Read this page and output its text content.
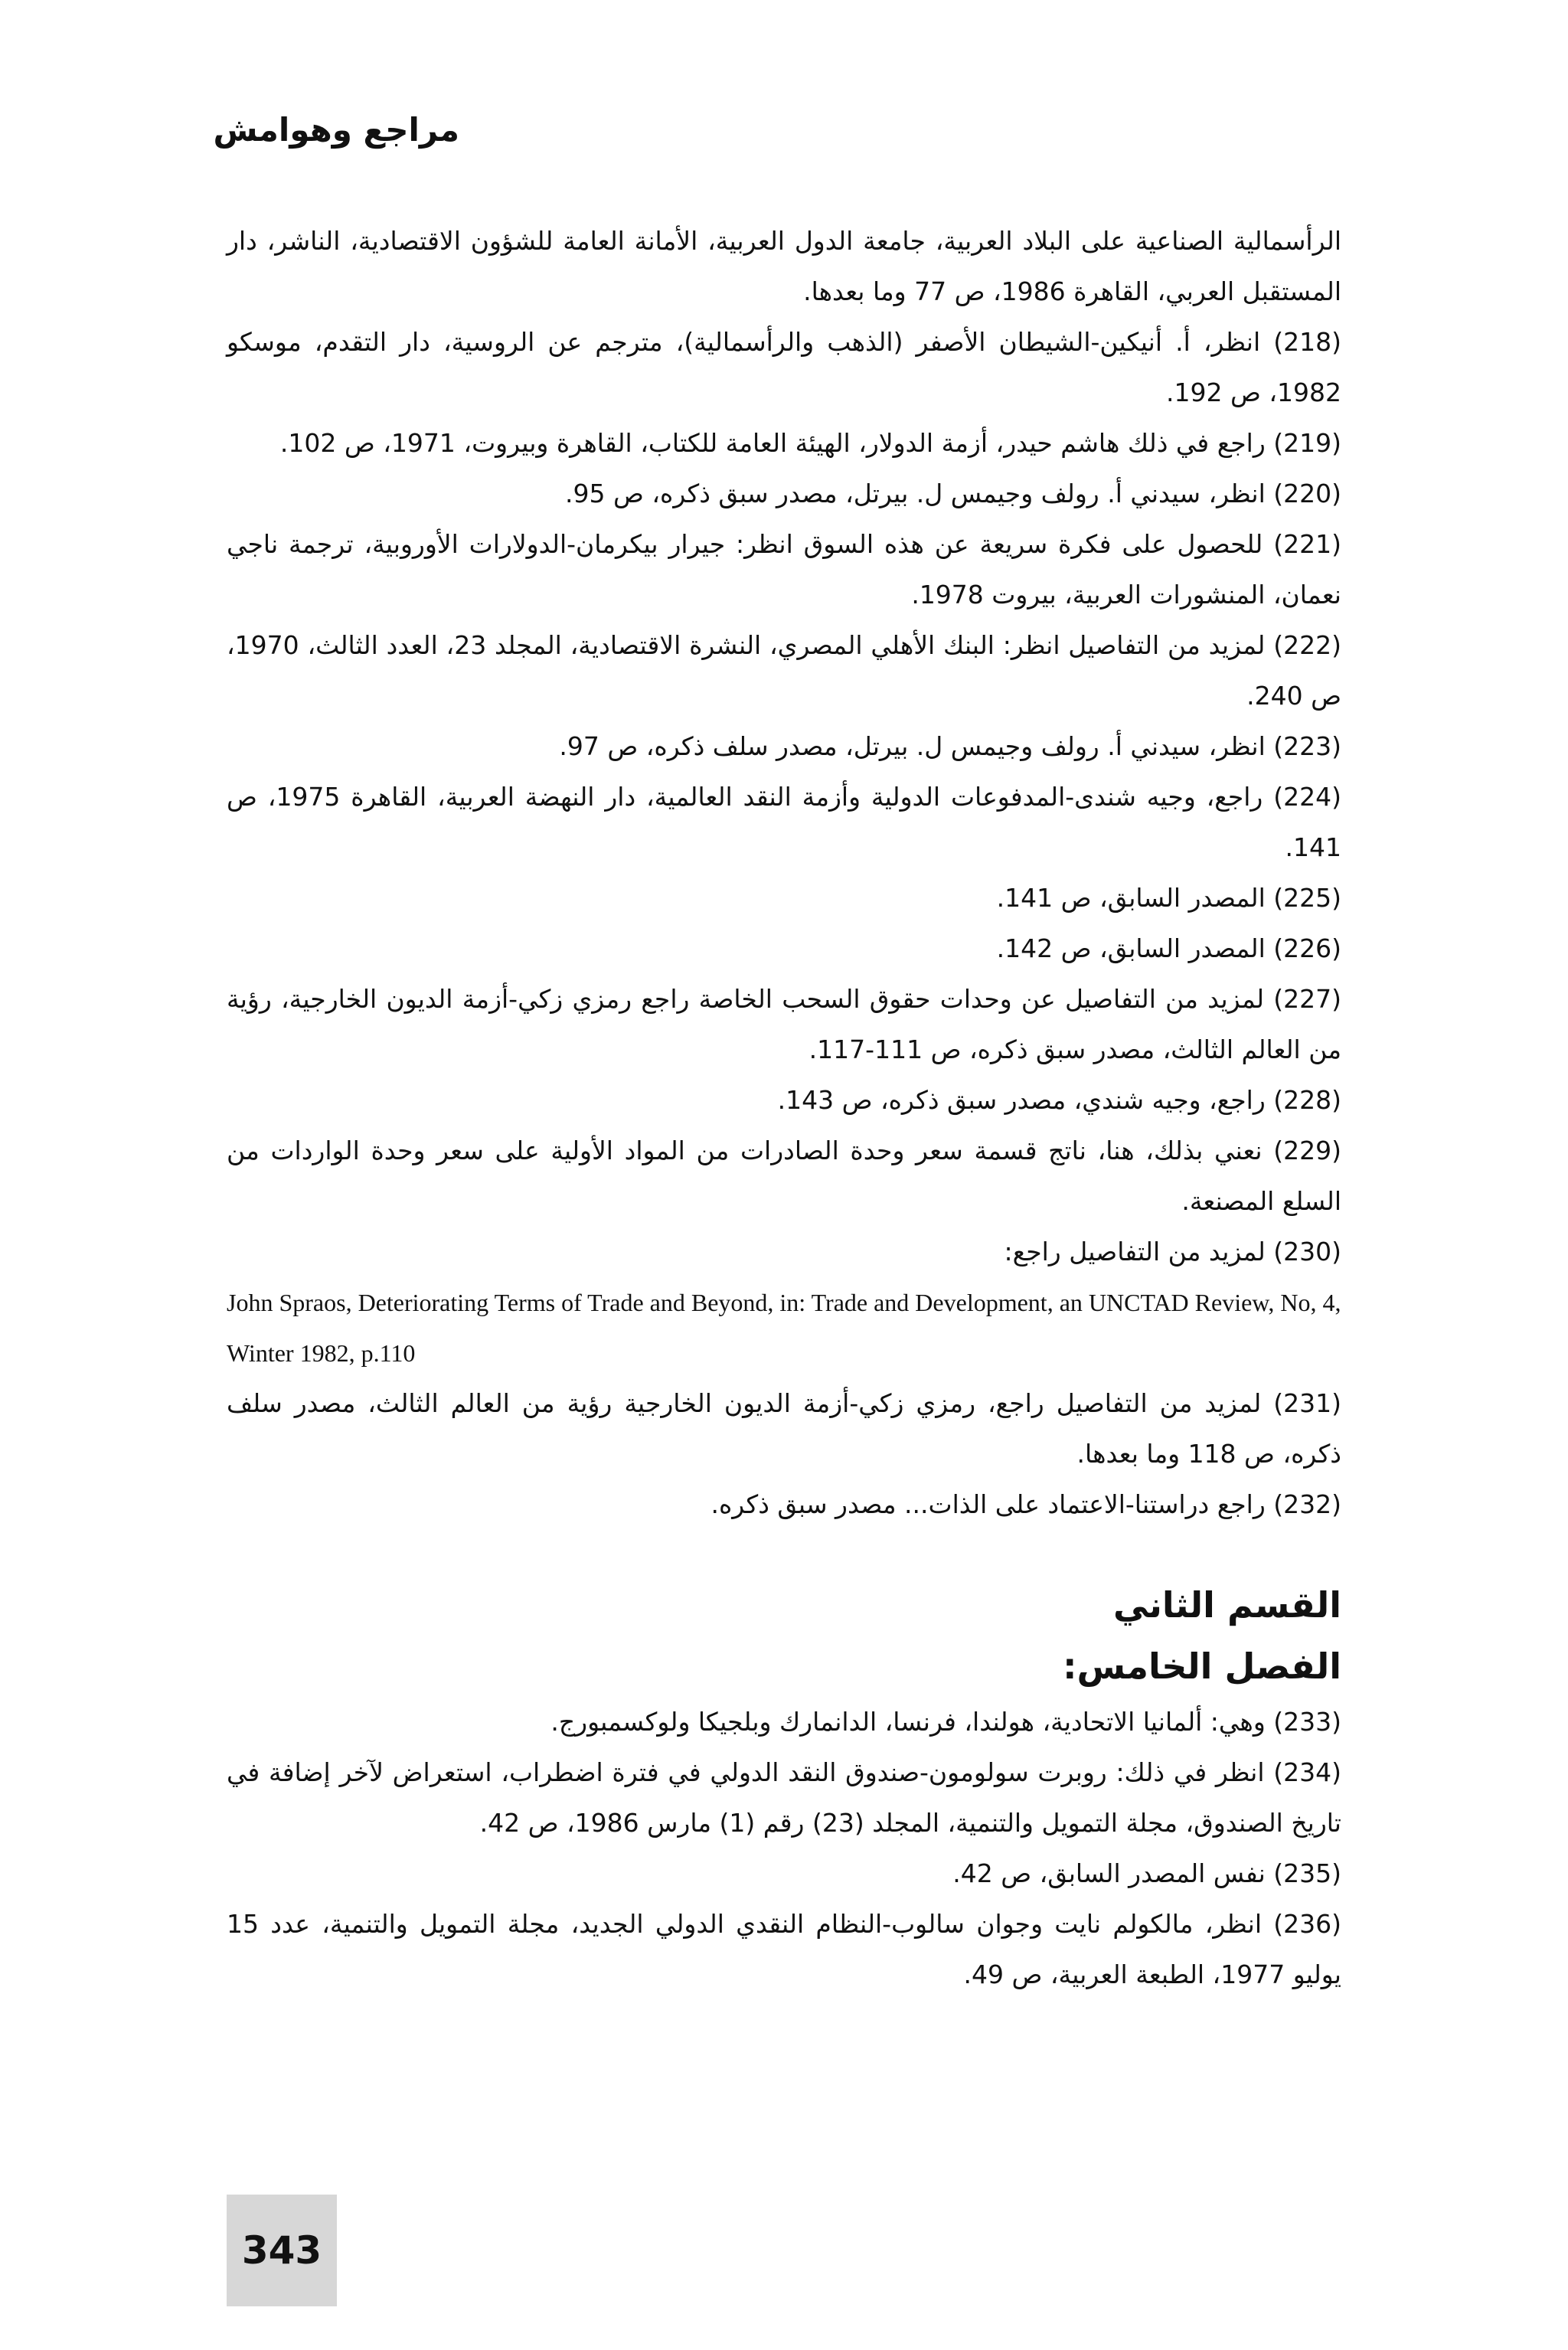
مراجع وهوامش

الرأسمالية الصناعية على البلاد العربية، جامعة الدول العربية، الأمانة العامة للشؤون الاقتصادية، الناشر، دار المستقبل العربي، القاهرة 1986، ص 77 وما بعدها.

(218) انظر، أ. أنيكين-الشيطان الأصفر (الذهب والرأسمالية)، مترجم عن الروسية، دار التقدم، موسكو 1982، ص 192.

(219) راجع في ذلك هاشم حيدر، أزمة الدولار، الهيئة العامة للكتاب، القاهرة وبيروت، 1971، ص 102.

(220) انظر، سيدني أ. رولف وجيمس ل. بيرتل، مصدر سبق ذكره، ص 95.

(221) للحصول على فكرة سريعة عن هذه السوق انظر: جيرار بيكرمان-الدولارات الأوروبية، ترجمة ناجي نعمان، المنشورات العربية، بيروت 1978.

(222) لمزيد من التفاصيل انظر: البنك الأهلي المصري، النشرة الاقتصادية، المجلد 23، العدد الثالث، 1970، ص 240.

(223) انظر، سيدني أ. رولف وجيمس ل. بيرتل، مصدر سلف ذكره، ص 97.

(224) راجع، وجيه شندى-المدفوعات الدولية وأزمة النقد العالمية، دار النهضة العربية، القاهرة 1975، ص 141.

(225) المصدر السابق، ص 141.

(226) المصدر السابق، ص 142.

(227) لمزيد من التفاصيل عن وحدات حقوق السحب الخاصة راجع رمزي زكي-أزمة الديون الخارجية، رؤية من العالم الثالث، مصدر سبق ذكره، ص 111-117.

(228) راجع، وجيه شندي، مصدر سبق ذكره، ص 143.

(229) نعني بذلك، هنا، ناتج قسمة سعر وحدة الصادرات من المواد الأولية على سعر وحدة الواردات من السلع المصنعة.

(230) لمزيد من التفاصيل راجع:

John Spraos, Deteriorating Terms of Trade and Beyond, in: Trade and Development, an UNCTAD Review, No, 4, Winter 1982, p.110

(231) لمزيد من التفاصيل راجع، رمزي زكي-أزمة الديون الخارجية رؤية من العالم الثالث، مصدر سلف ذكره، ص 118 وما بعدها.

(232) راجع دراستنا-الاعتماد على الذات... مصدر سبق ذكره.

القسم الثاني
الفصل الخامس:

(233) وهي: ألمانيا الاتحادية، هولندا، فرنسا، الدانمارك وبلجيكا ولوكسمبورج.

(234) انظر في ذلك: روبرت سولومون-صندوق النقد الدولي في فترة اضطراب، استعراض لآخر إضافة في تاريخ الصندوق، مجلة التمويل والتنمية، المجلد (23) رقم (1) مارس 1986، ص 42.

(235) نفس المصدر السابق، ص 42.

(236) انظر، مالكولم نايت وجوان سالوب-النظام النقدي الدولي الجديد، مجلة التمويل والتنمية، عدد 15 يوليو 1977، الطبعة العربية، ص 49.

343
